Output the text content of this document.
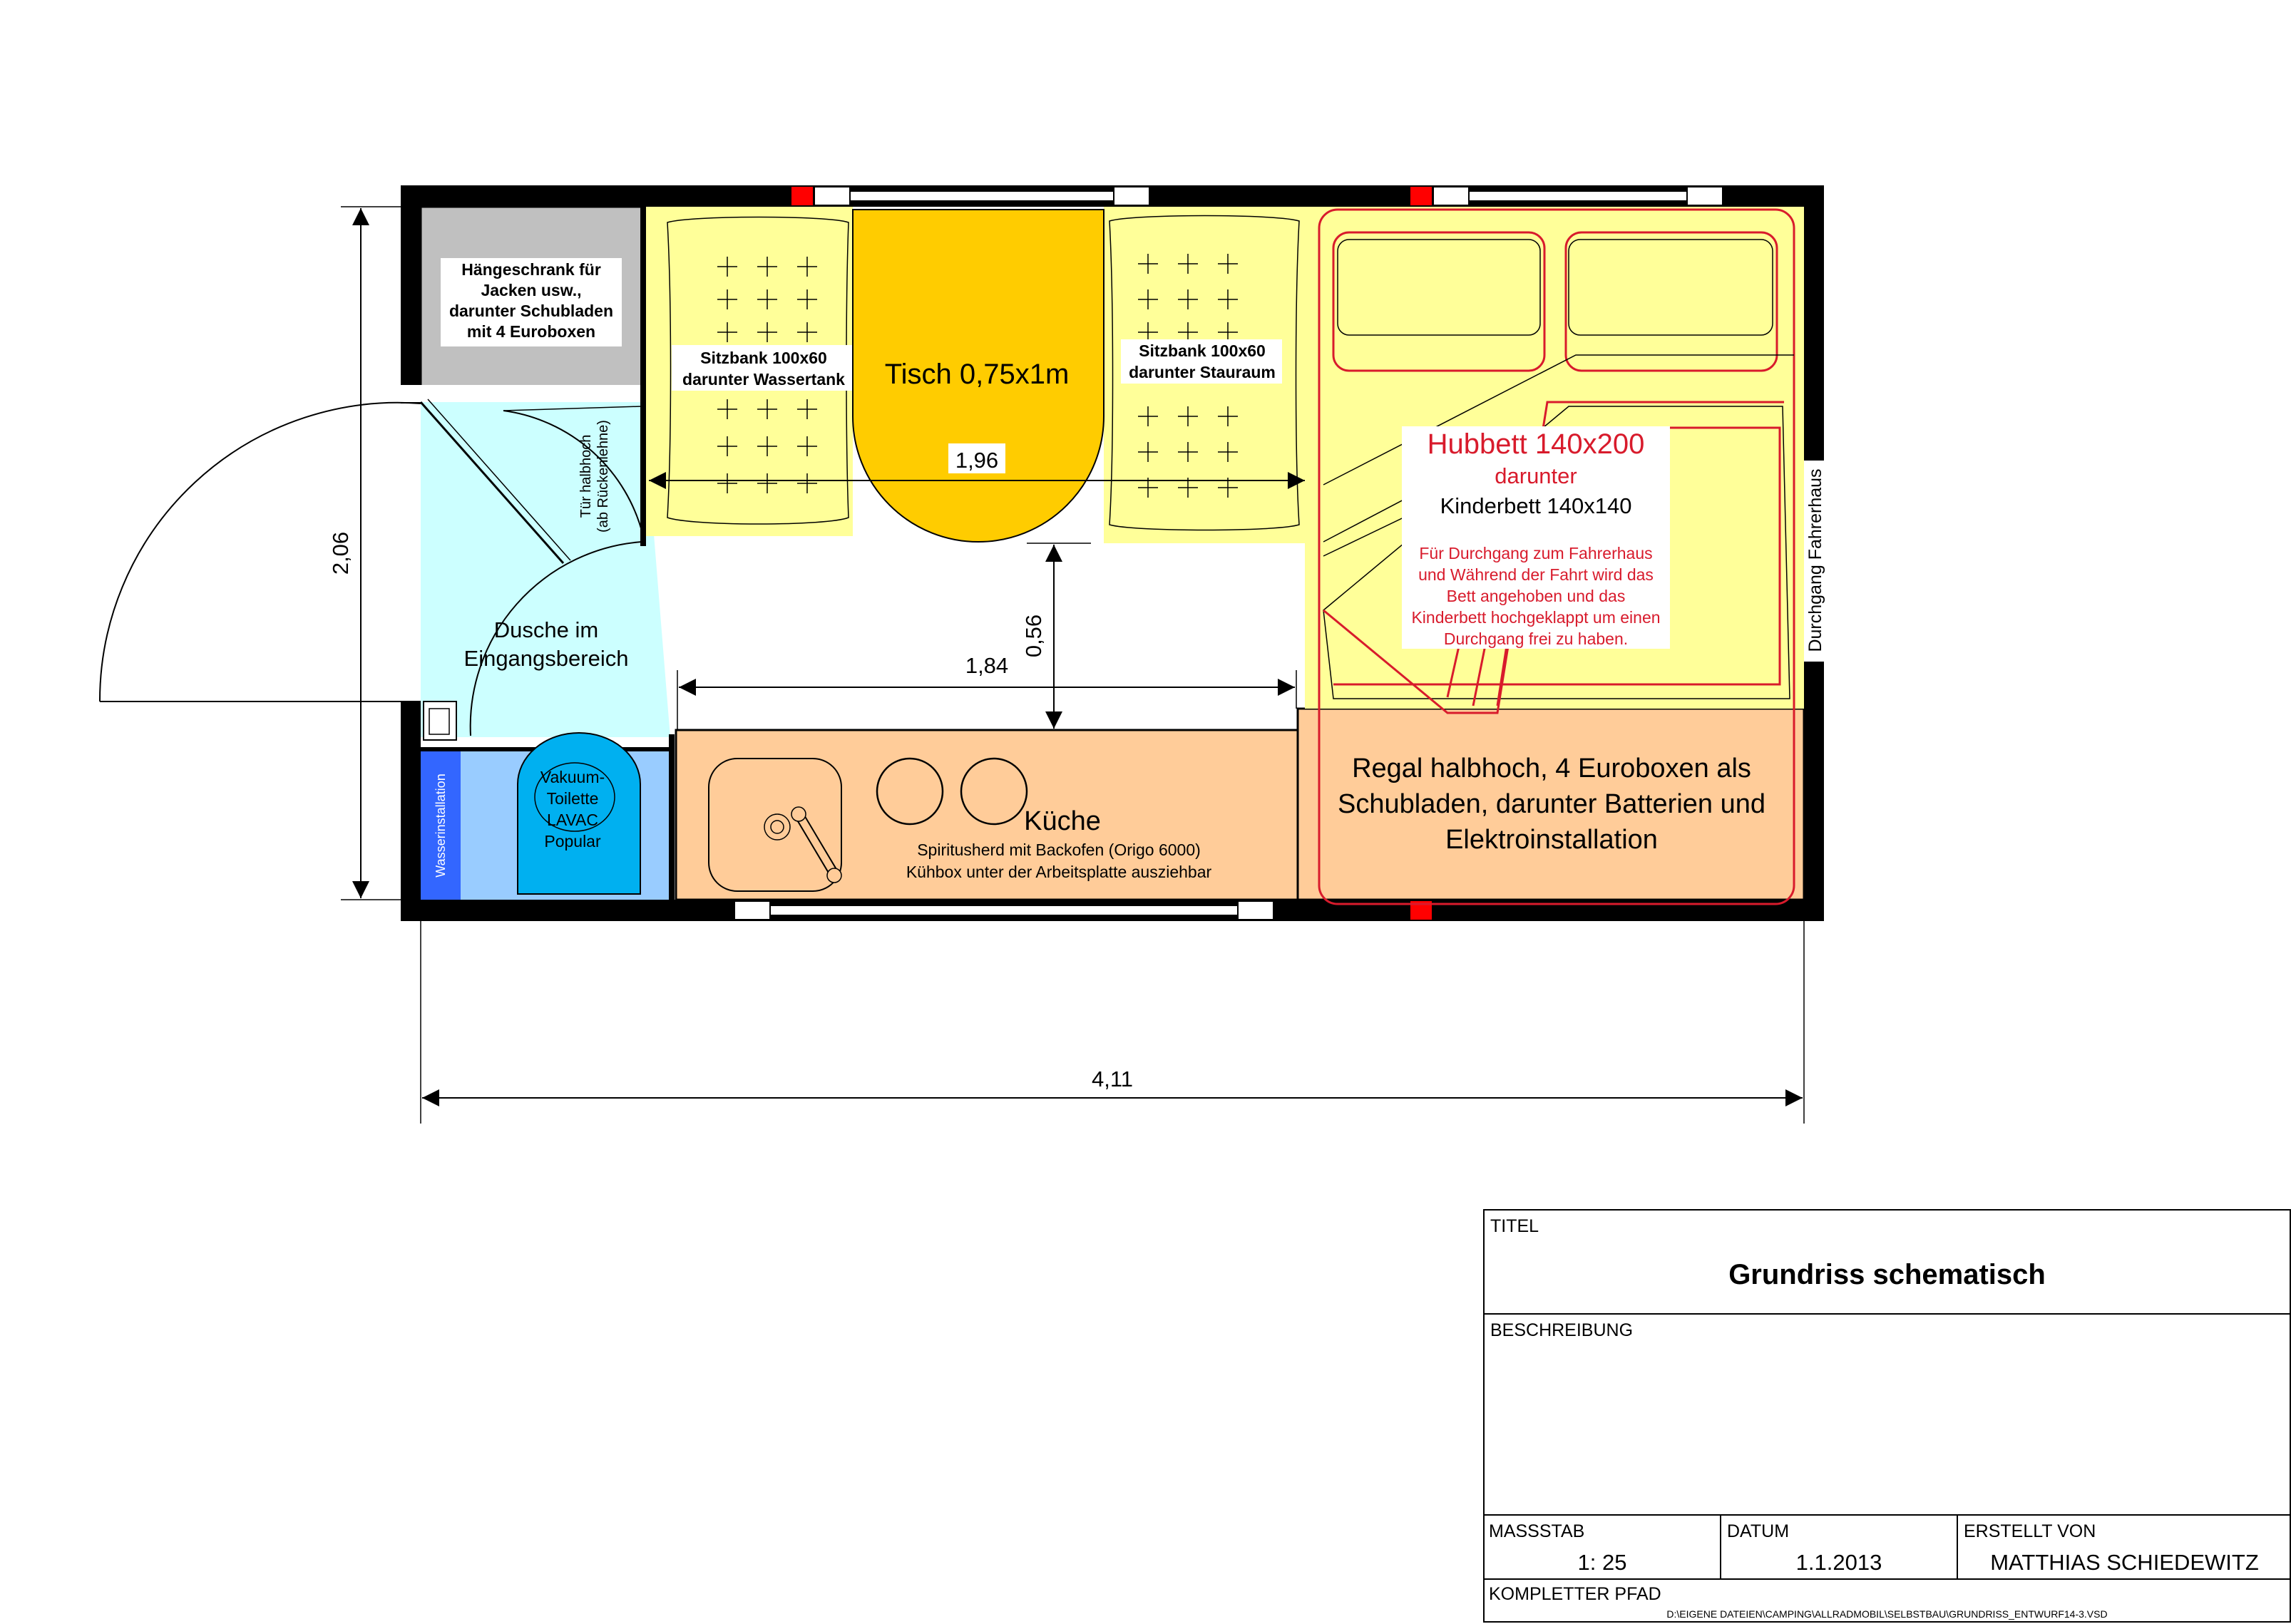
Hängeschrank für
Jacken usw.,
darunter Schubladen
mit 4 Euroboxen
Dusche im
Eingangsbereich
Tür halbhoch (ab Rückenlehne)
Wasserinstallation	Vakuum-
Toilette
LAVAC
Popular
Küche
Spiritusherd mit Backofen (Origo 6000)
Kühbox unter der Arbeitsplatte ausziehbar
Regal halbhoch, 4 Euroboxen als
Schubladen, darunter Batterien und
Elektroinstallation
Sitzbank 100x60
darunter Wassertank
Sitzbank 100x60
darunter Stauraum
Tisch 0,75x1m
Hubbett 140x200
darunter
Kinderbett 140x140
Für Durchgang zum Fahrerhaus
und Während der Fahrt wird das
Bett angehoben und das
Kinderbett hochgeklappt um einen
Durchgang frei zu haben.	Durchgang Fahrerhaus
2,06
4,11
1,96
1,84
0,56
TITEL
Grundriss schematisch
BESCHREIBUNG
MASSSTAB
1: 25
DATUM
1.1.2013
ERSTELLT VON
MATTHIAS SCHIEDEWITZ
KOMPLETTER PFAD
D:\EIGENE DATEIEN\CAMPING\ALLRADMOBIL\SELBSTBAU\GRUNDRISS_ENTWURF14-3.VSD
